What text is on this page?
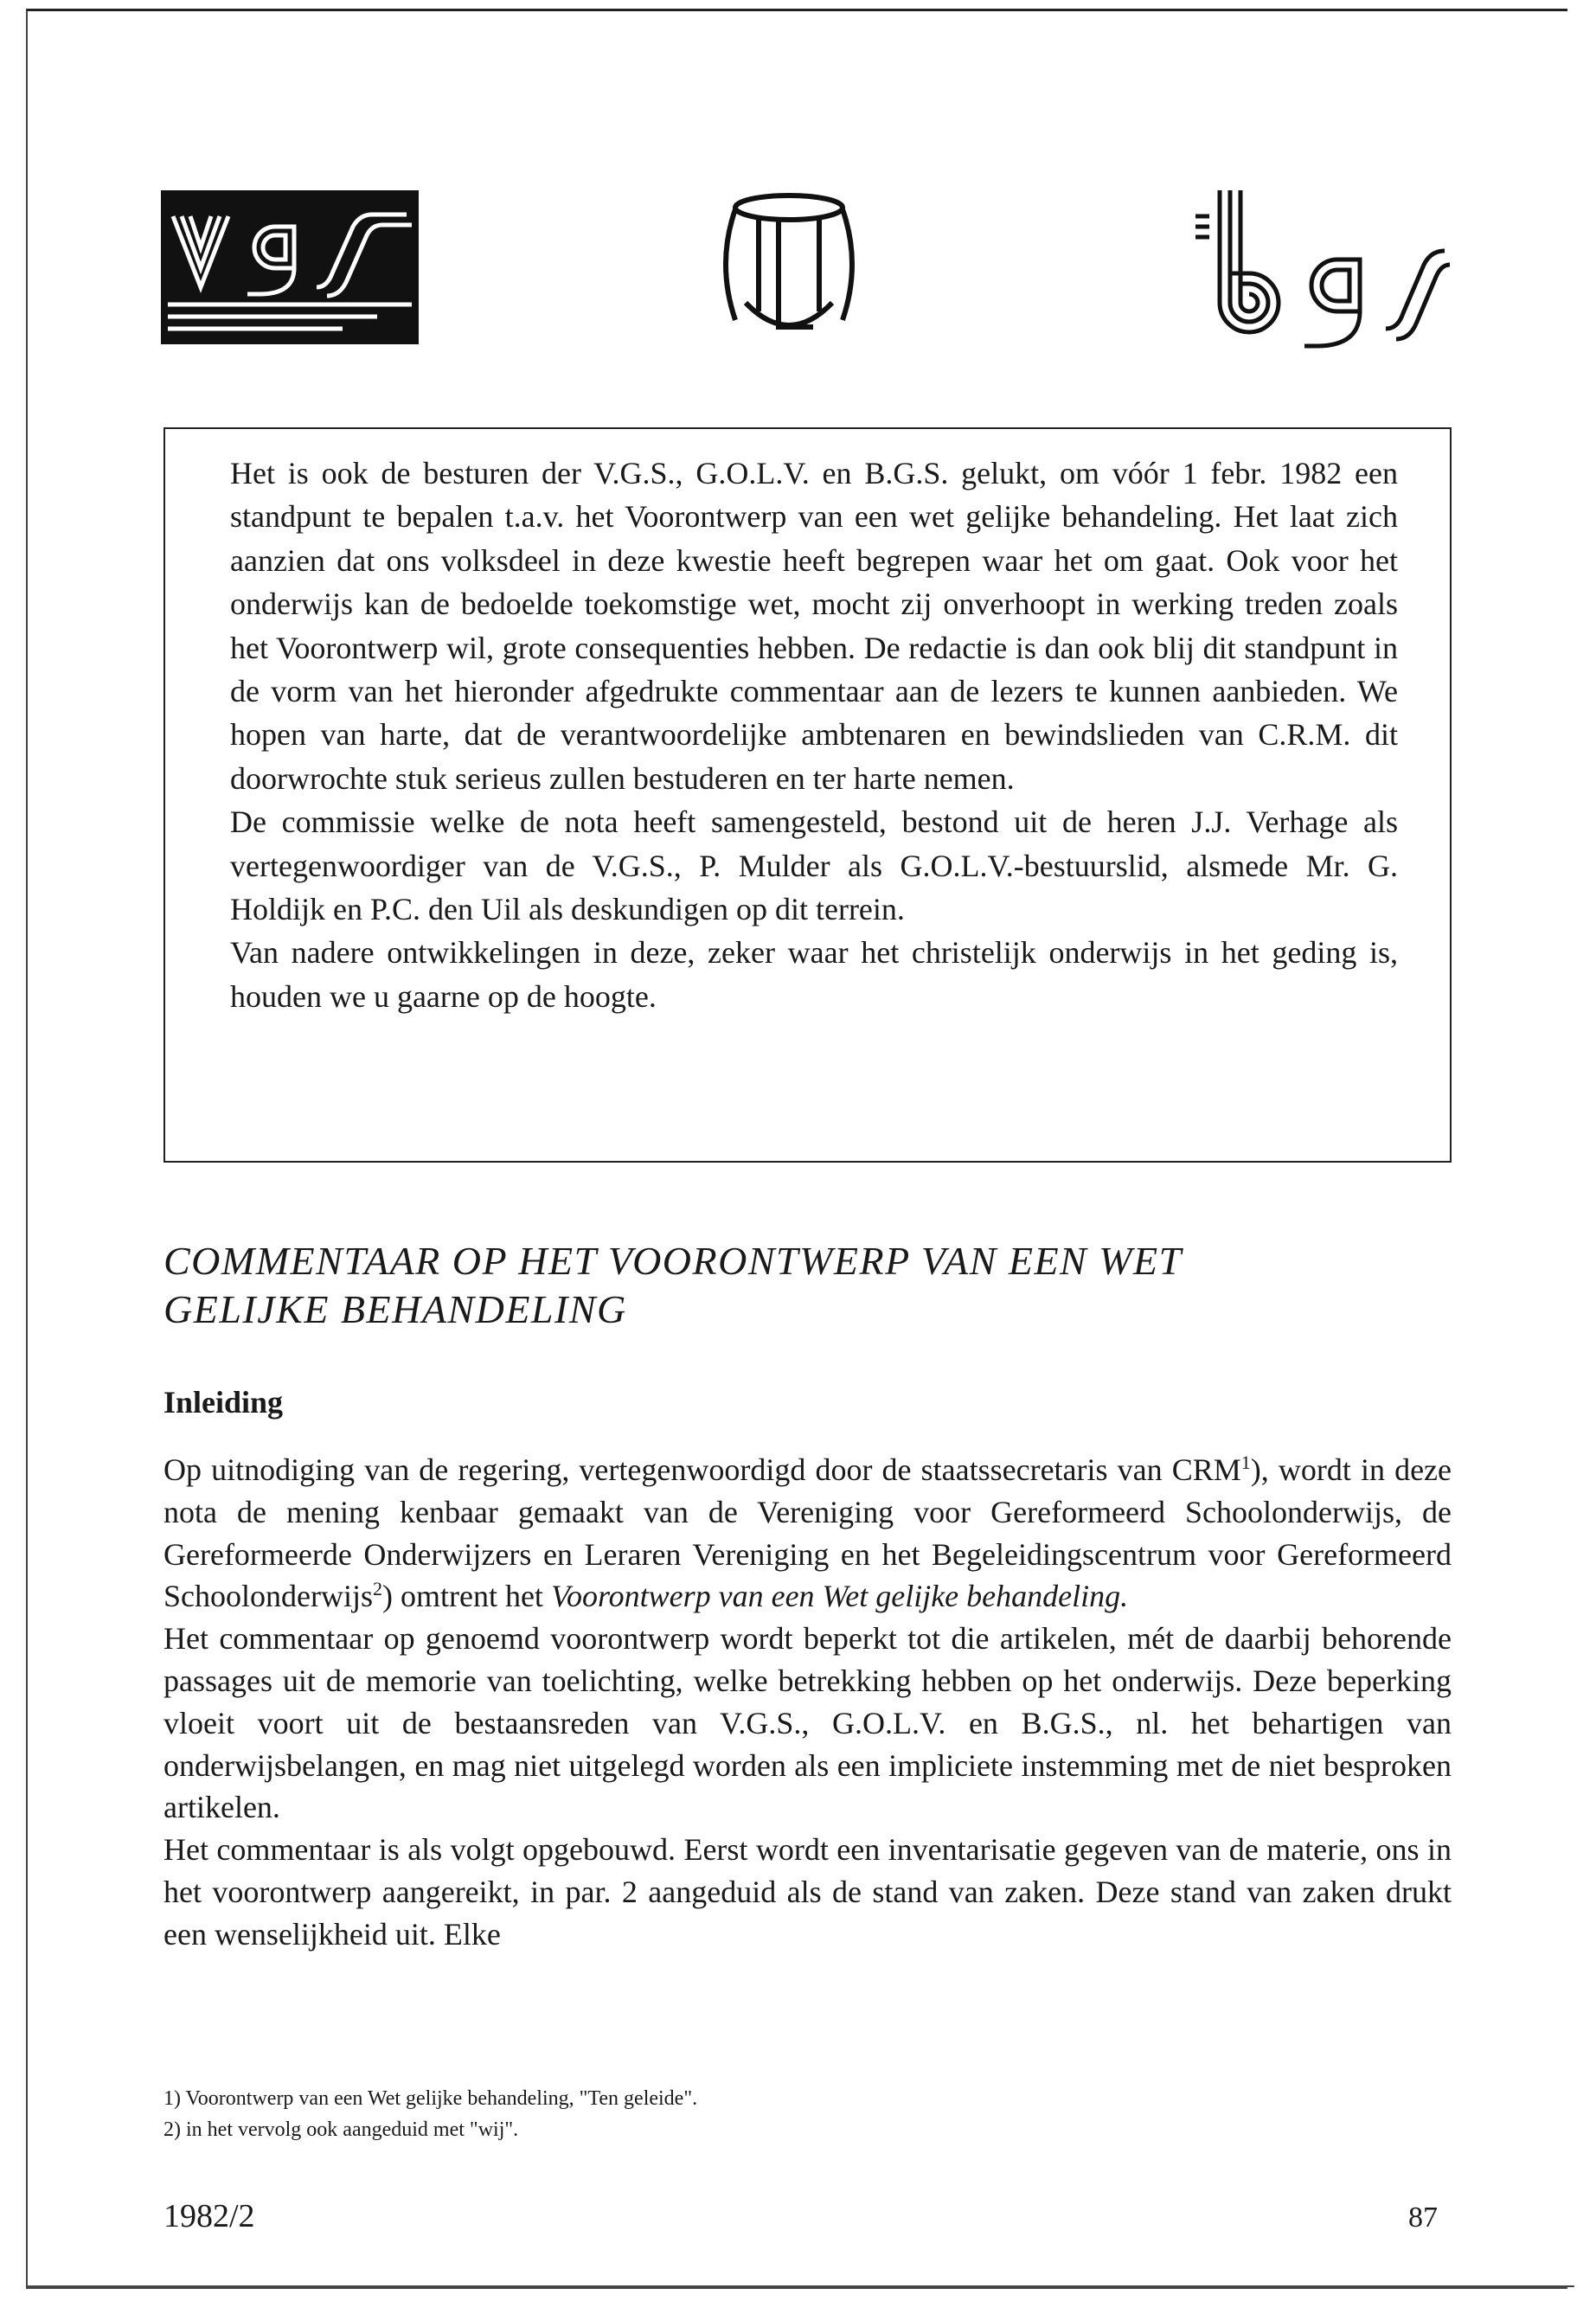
Het is ook de besturen der V.G.S., G.O.L.V. en B.G.S. gelukt, om vóór 1 febr. 1982 een standpunt te bepalen t.a.v. het Voorontwerp van een wet gelijke behandeling. Het laat zich aanzien dat ons volksdeel in deze kwestie heeft begrepen waar het om gaat. Ook voor het onderwijs kan de bedoelde toekomstige wet, mocht zij onverhoopt in werking treden zoals het Voorontwerp wil, grote consequenties hebben. De redactie is dan ook blij dit standpunt in de vorm van het hieronder afgedrukte commentaar aan de lezers te kunnen aanbieden. We hopen van harte, dat de verantwoordelijke ambtenaren en bewindslieden van C.R.M. dit doorwrochte stuk serieus zullen bestuderen en ter harte nemen.

De commissie welke de nota heeft samengesteld, bestond uit de heren J.J. Verhage als vertegenwoordiger van de V.G.S., P. Mulder als G.O.L.V.-bestuurslid, alsmede Mr. G. Holdijk en P.C. den Uil als deskundigen op dit terrein.

Van nadere ontwikkelingen in deze, zeker waar het christelijk onderwijs in het geding is, houden we u gaarne op de hoogte.

COMMENTAAR OP HET VOORONTWERP VAN EEN WET
GELIJKE BEHANDELING
Inleiding

Op uitnodiging van de regering, vertegenwoordigd door de staatssecretaris van CRM$^1$), wordt in deze nota de mening kenbaar gemaakt van de Vereniging voor Gereformeerd Schoolonderwijs, de Gereformeerde Onderwijzers en Leraren Vereniging en het Begeleidingscentrum voor Gereformeerd Schoolonderwijs$^2$) omtrent het Voorontwerp van een Wet gelijke behandeling.

Het commentaar op genoemd voorontwerp wordt beperkt tot die artikelen, mét de daarbij behorende passages uit de memorie van toelichting, welke betrekking hebben op het onderwijs. Deze beperking vloeit voort uit de bestaansreden van V.G.S., G.O.L.V. en B.G.S., nl. het behartigen van onderwijsbelangen, en mag niet uitgelegd worden als een impliciete instemming met de niet besproken artikelen.

Het commentaar is als volgt opgebouwd. Eerst wordt een inventarisatie gegeven van de materie, ons in het voorontwerp aangereikt, in par. 2 aangeduid als de stand van zaken. Deze stand van zaken drukt een wenselijkheid uit. Elke

1) Voorontwerp van een Wet gelijke behandeling, "Ten geleide".
2) in het vervolg ook aangeduid met "wij".
1982/2	87
